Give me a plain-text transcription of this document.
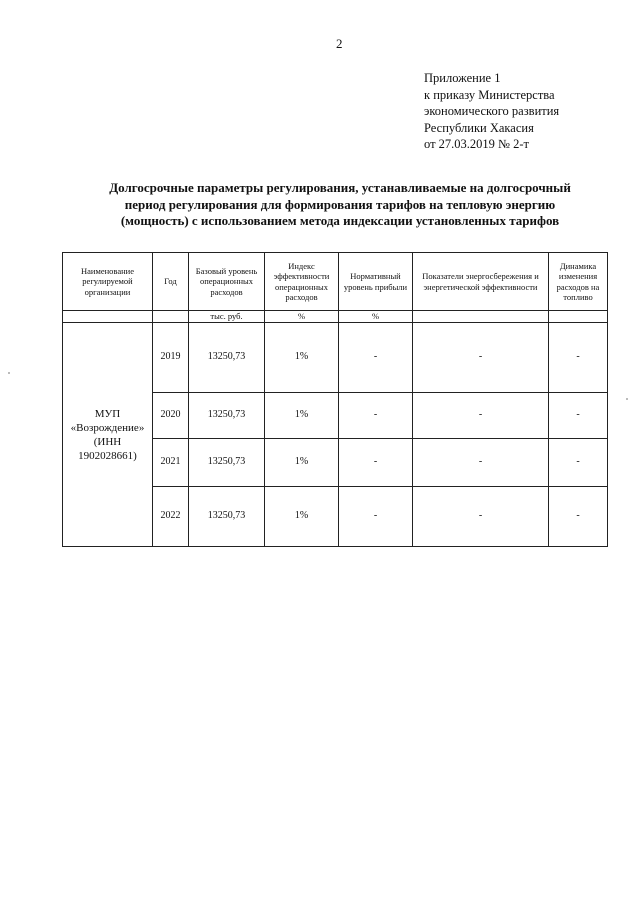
2
Приложение 1
к приказу Министерства
экономического развития
Республики Хакасия
от 27.03.2019 № 2-т
Долгосрочные параметры регулирования, устанавливаемые на долгосрочный
период регулирования для формирования тарифов на тепловую энергию
(мощность) с использованием метода индексации установленных тарифов
Наименование регулируемой организации	Год	Базовый уровень операционных расходов	Индекс эффективности операционных расходов	Нормативный уровень прибыли	Показатели энергосбережения и энергетической эффективности	Динамика изменения расходов на топливо
		тыс. руб.	%	%		
МУП «Возрождение» (ИНН 1902028661)	2019	13250,73	1%	-	-	-
	2020	13250,73	1%	-	-	-
	2021	13250,73	1%	-	-	-
	2022	13250,73	1%	-	-	-
